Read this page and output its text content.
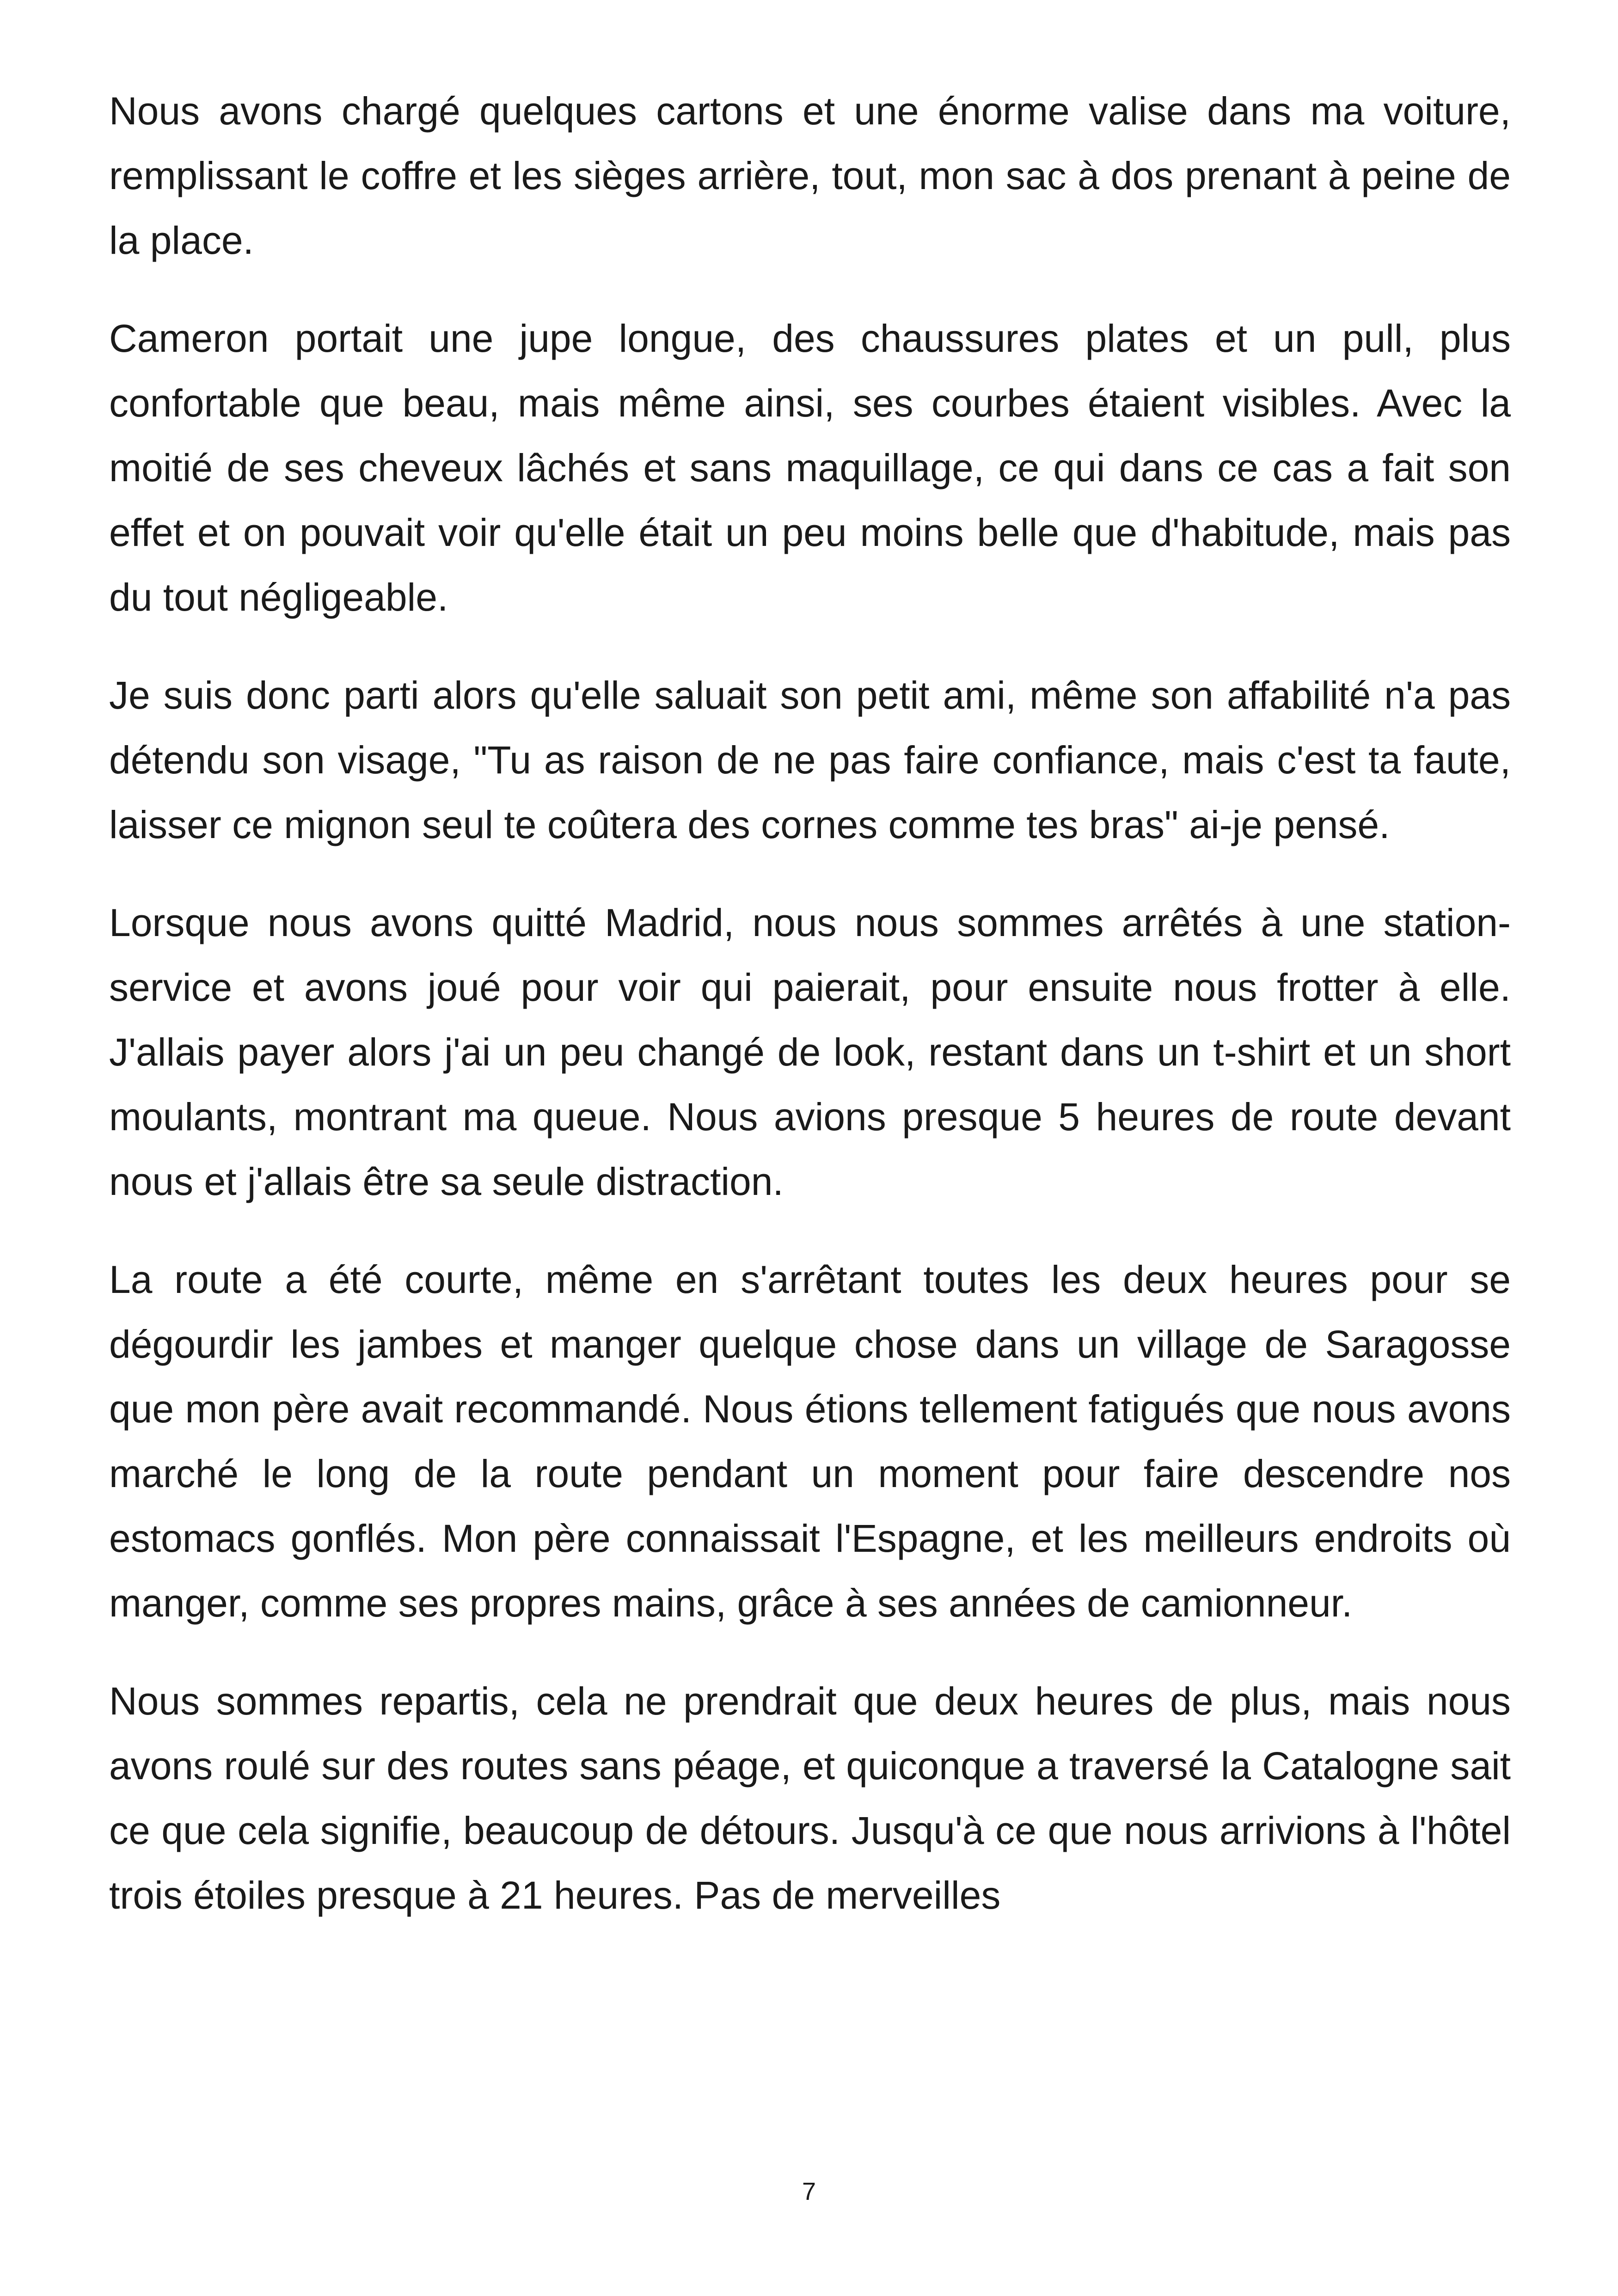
Nous avons chargé quelques cartons et une énorme valise dans ma voiture, remplissant le coffre et les sièges arrière, tout, mon sac à dos prenant à peine de la place.

Cameron portait une jupe longue, des chaussures plates et un pull, plus confortable que beau, mais même ainsi, ses courbes étaient visibles. Avec la moitié de ses cheveux lâchés et sans maquillage, ce qui dans ce cas a fait son effet et on pouvait voir qu'elle était un peu moins belle que d'habitude, mais pas du tout négligeable.

Je suis donc parti alors qu'elle saluait son petit ami, même son affabilité n'a pas détendu son visage, "Tu as raison de ne pas faire confiance, mais c'est ta faute, laisser ce mignon seul te coûtera des cornes comme tes bras" ai-je pensé.

Lorsque nous avons quitté Madrid, nous nous sommes arrêtés à une station-service et avons joué pour voir qui paierait, pour ensuite nous frotter à elle. J'allais payer alors j'ai un peu changé de look, restant dans un t-shirt et un short moulants, montrant ma queue. Nous avions presque 5 heures de route devant nous et j'allais être sa seule distraction.

La route a été courte, même en s'arrêtant toutes les deux heures pour se dégourdir les jambes et manger quelque chose dans un village de Saragosse que mon père avait recommandé. Nous étions tellement fatigués que nous avons marché le long de la route pendant un moment pour faire descendre nos estomacs gonflés. Mon père connaissait l'Espagne, et les meilleurs endroits où manger, comme ses propres mains, grâce à ses années de camionneur.

Nous sommes repartis, cela ne prendrait que deux heures de plus, mais nous avons roulé sur des routes sans péage, et quiconque a traversé la Catalogne sait ce que cela signifie, beaucoup de détours. Jusqu'à ce que nous arrivions à l'hôtel trois étoiles presque à 21 heures. Pas de merveilles

7
